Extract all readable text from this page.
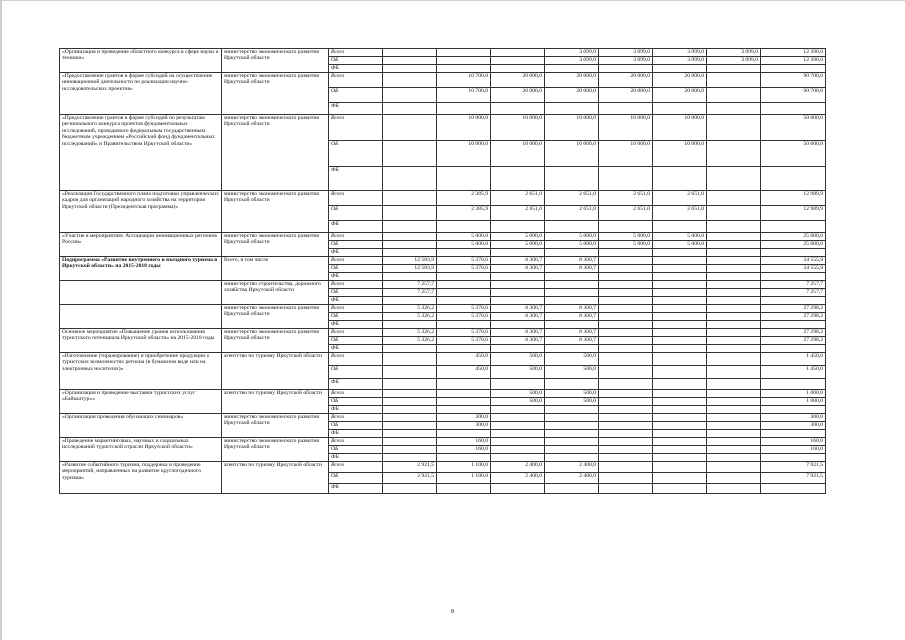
«Организация и проведение областного конкурса в сфере науки и техники»	министерство экономического развития Иркутской области	Всего				3 099,0	3 099,0	3 099,0	3 099,0	12 396,0
		ОБ				3 099,0	3 099,0	3 099,0	3 099,0	12 396,0
		ФБ								
«Предоставление грантов в форме субсидий на осуществление инновационной деятельности по реализации научно-исследовательских проектов»	министерство экономического развития Иркутской области	Всего		10 700,0	20 000,0	20 000,0	20 000,0	20 000,0		90 700,0
		ОБ		10 700,0	20 000,0	20 000,0	20 000,0	20 000,0		90 700,0
		ФБ								
«Предоставление грантов в форме субсидий по результатам регионального конкурса проектов фундаментальных исследований, проводимого федеральным государственным бюджетным учреждением «Российский фонд фундаментальных исследований» и Правительством Иркутской области»	министерство экономического развития Иркутской области	Всего		10 000,0	10 000,0	10 000,0	10 000,0	10 000,0		50 000,0
		ОБ		10 000,0	10 000,0	10 000,0	10 000,0	10 000,0		50 000,0
		ФБ								
«Реализация Государственного плана подготовки управленческих кадров для организаций народного хозяйства на территории Иркутской области (Президентская программа)»	министерство экономического развития Иркутской области	Всего		2 385,9	2 651,0	2 651,0	2 651,0	2 651,0		12 989,9
		ОБ		2 385,9	2 651,0	2 651,0	2 651,0	2 651,0		12 989,9
		ФБ								
«Участие в мероприятиях Ассоциации инновационных регионов России»	министерство экономического развития Иркутской области	Всего		5 000,0	5 000,0	5 000,0	5 000,0	5 000,0		25 000,0
		ОБ		5 000,0	5 000,0	5 000,0	5 000,0	5 000,0		25 000,0
		ФБ								
Подпрограмма «Развитие внутреннего и въездного туризма в Иркутской области» на 2015-2018 годы	Всего, в том числе	Всего	12 583,9	5 370,6	8 300,7	8 300,7				34 555,9
		ОБ	12 583,9	5 370,6	8 300,7	8 300,7				34 555,9
		ФБ								
	министерство строительства, дорожного хозяйства Иркутской области	Всего	7 257,7							7 257,7
		ОБ	7 257,7							7 257,7
		ФБ								
	министерство экономического развития Иркутской области	Всего	5 326,2	5 370,6	8 300,7	8 300,7				27 298,2
		ОБ	5 326,2	5 370,6	8 300,7	8 300,7				27 298,2
		ФБ								
Основное мероприятие «Повышение уровня использования туристского потенциала Иркутской области» на 2015-2018 годы	министерство экономического развития Иркутской области	Всего	5 326,2	5 370,6	8 300,7	8 300,7				27 298,2
		ОБ	5 326,2	5 370,6	8 300,7	8 300,7				27 298,2
		ФБ								
«Изготовление (тиражирование) и приобретение продукции о туристских возможностях региона (в бумажном виде или на электронных носителях)»	агентство по туризму Иркутской области	Всего		450,0	500,0	500,0				1 450,0
		ОБ		450,0	500,0	500,0				1 450,0
		ФБ								
«Организация и проведение выставки туристских услуг «Байкалтур»»	агентство по туризму Иркутской области	Всего			500,0	500,0				1 000,0
		ОБ			500,0	500,0				1 000,0
		ФБ								
«Организация проведения обучающих семинаров»	министерство экономического развития Иркутской области	Всего		300,0						300,0
		ОБ		300,0						300,0
		ФБ								
«Проведение маркетинговых, научных и социальных исследований туристской отрасли Иркутской области»	министерство экономического развития Иркутской области	Всего		160,0						160,0
		ОБ		160,0						160,0
		ФБ								
«Развитие событийного туризма, поддержка и проведение мероприятий, направленных на развитие круглогодичного туризма»	агентство по туризму Иркутской области	Всего	2 921,5	1 100,0	2 400,0	2 400,0				7 921,5
		ОБ	2 921,5	1 100,0	2 400,0	2 400,0				7 921,5
		ФБ								
8
